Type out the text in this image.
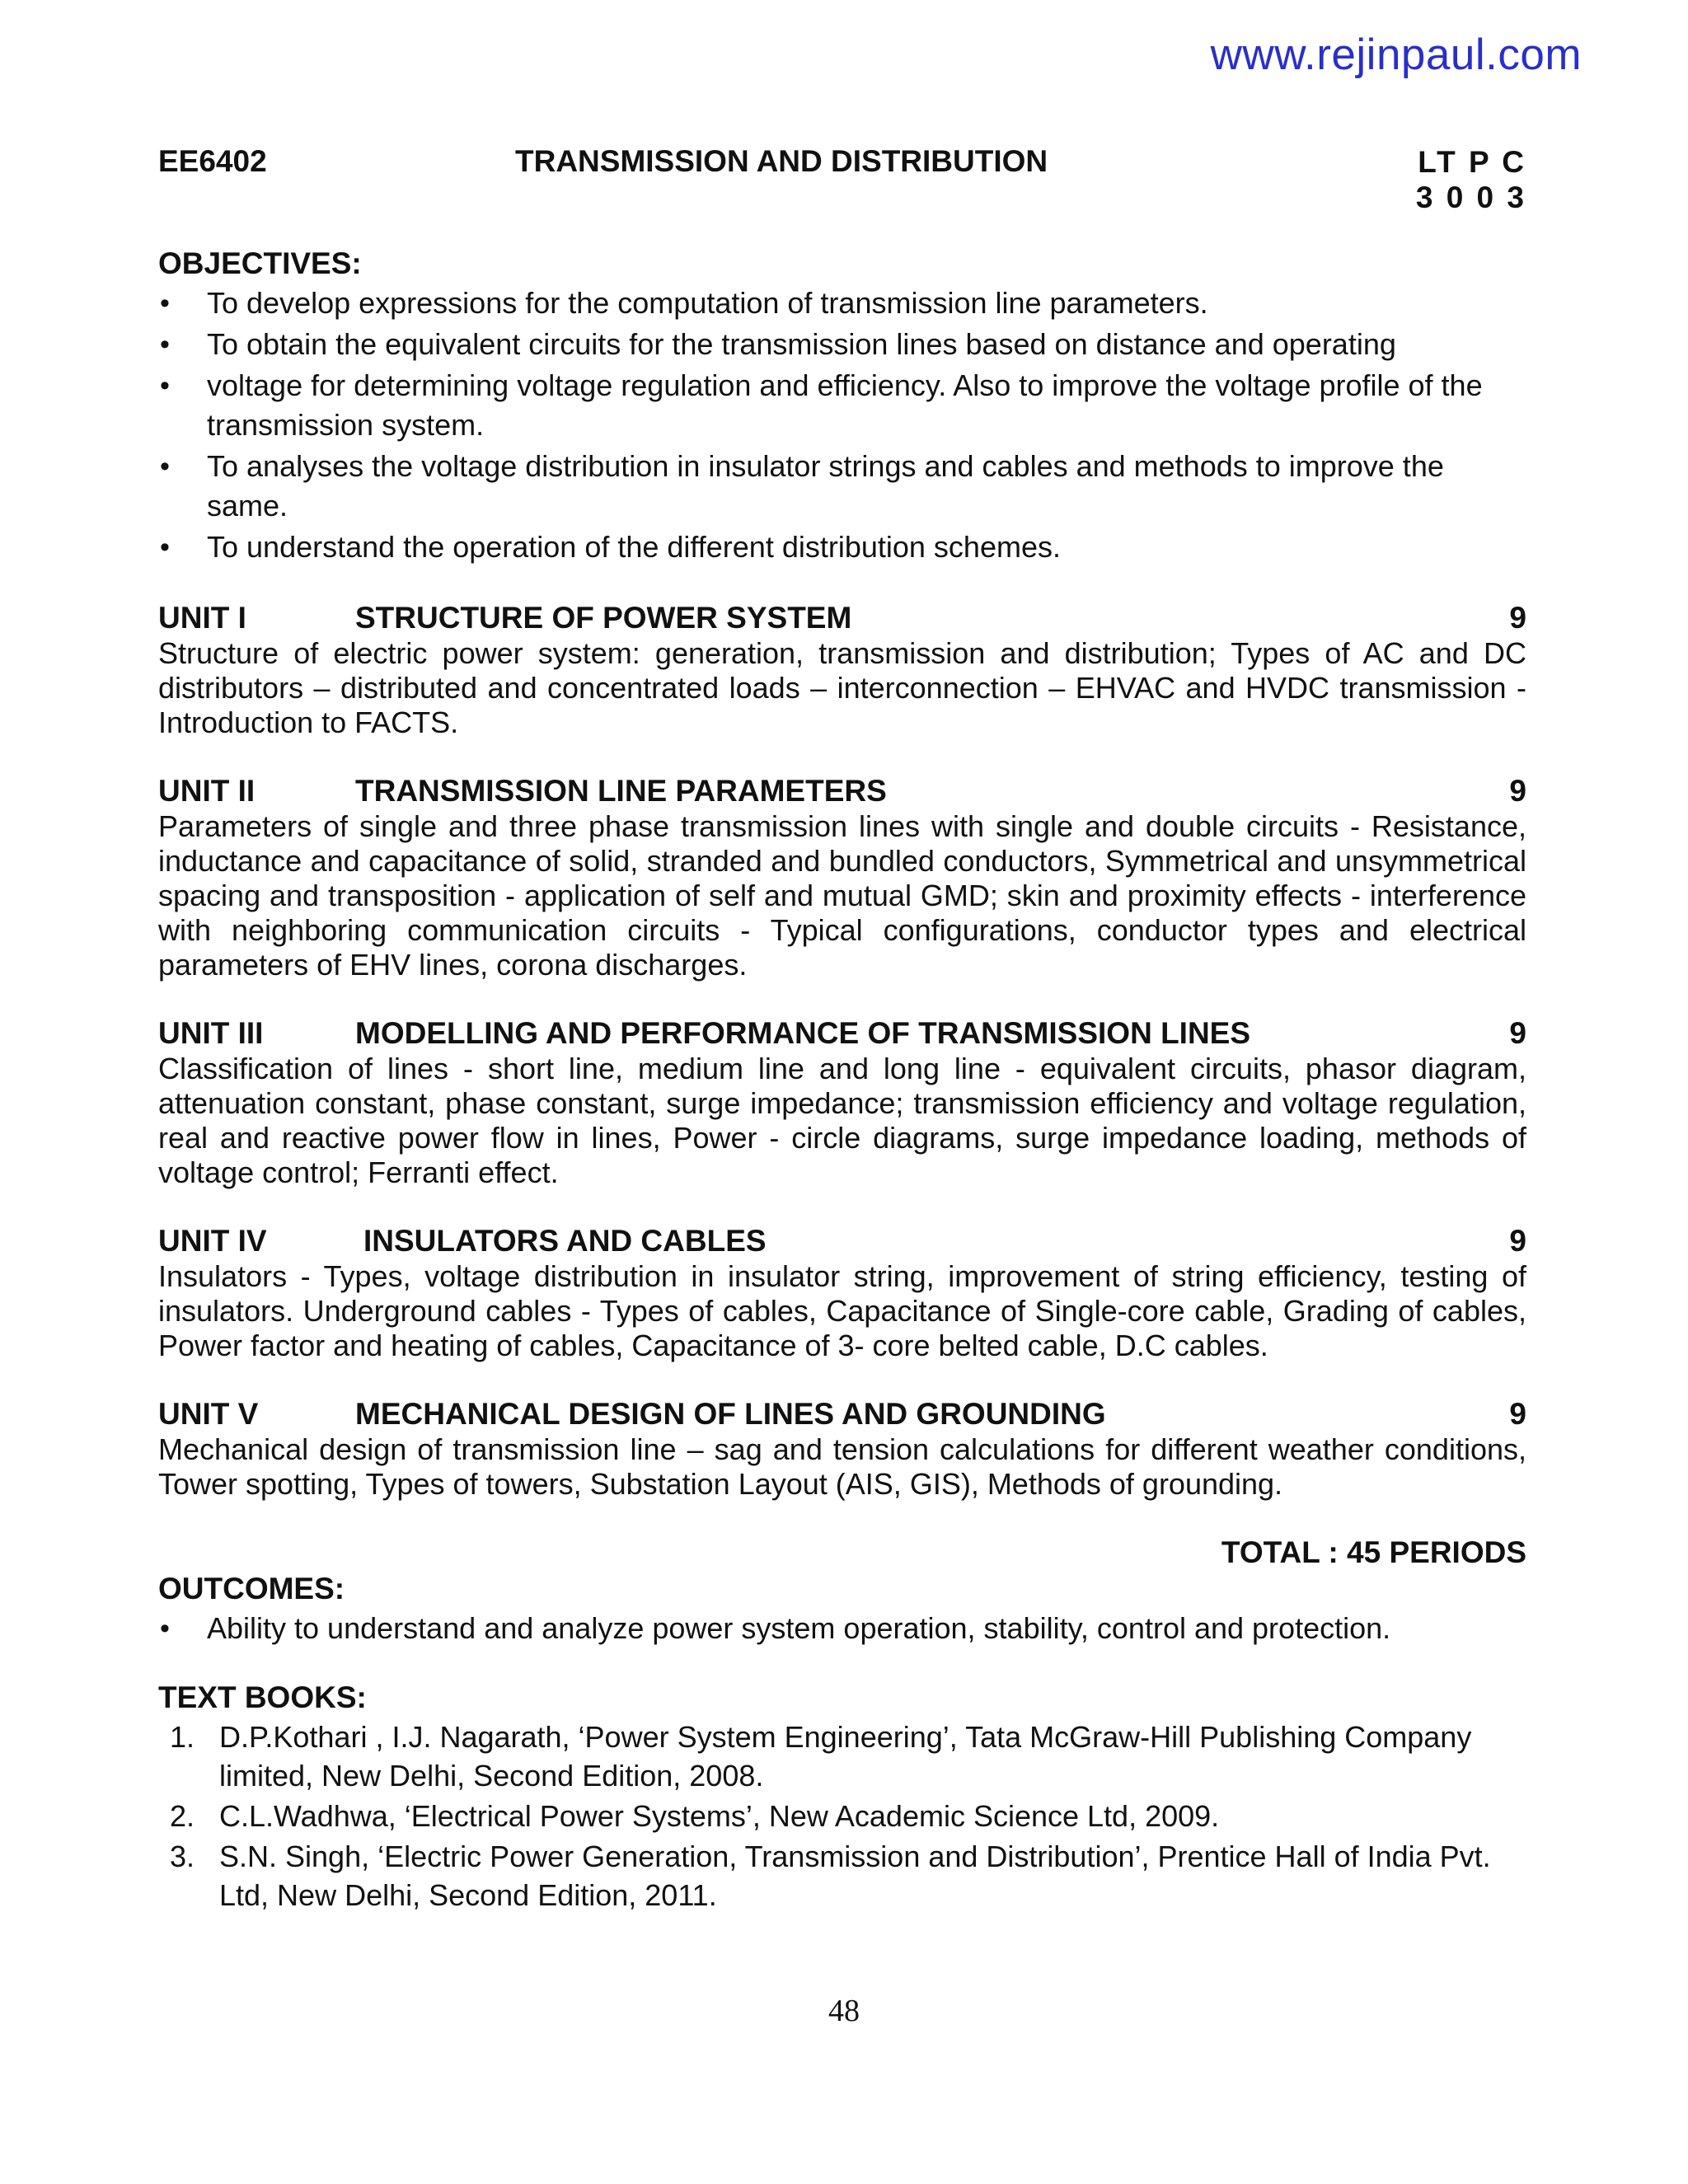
www.rejinpaul.com
EE6402	TRANSMISSION AND DISTRIBUTION	LT P C
3 0 0 3
OBJECTIVES:
• To develop expressions for the computation of transmission line parameters.
• To obtain the equivalent circuits for the transmission lines based on distance and operating
• voltage for determining voltage regulation and efficiency. Also to improve the voltage profile of the transmission system.
• To analyses the voltage distribution in insulator strings and cables and methods to improve the same.
• To understand the operation of the different distribution schemes.
UNIT I	STRUCTURE OF POWER SYSTEM	9
Structure of electric power system: generation, transmission and distribution; Types of AC and DC distributors – distributed and concentrated loads – interconnection – EHVAC and HVDC transmission - Introduction to FACTS.
UNIT II	TRANSMISSION LINE PARAMETERS	9
Parameters of single and three phase transmission lines with single and double circuits - Resistance, inductance and capacitance of solid, stranded and bundled conductors, Symmetrical and unsymmetrical spacing and transposition - application of self and mutual GMD; skin and proximity effects - interference with neighboring communication circuits - Typical configurations, conductor types and electrical parameters of EHV lines, corona discharges.
UNIT III	MODELLING AND PERFORMANCE OF TRANSMISSION LINES	9
Classification of lines - short line, medium line and long line - equivalent circuits, phasor diagram, attenuation constant, phase constant, surge impedance; transmission efficiency and voltage regulation, real and reactive power flow in lines, Power - circle diagrams, surge impedance loading, methods of voltage control; Ferranti effect.
UNIT IV	INSULATORS AND CABLES	9
Insulators - Types, voltage distribution in insulator string, improvement of string efficiency, testing of insulators. Underground cables - Types of cables, Capacitance of Single-core cable, Grading of cables, Power factor and heating of cables, Capacitance of 3- core belted cable, D.C cables.
UNIT V	MECHANICAL DESIGN OF LINES AND GROUNDING	9
Mechanical design of transmission line – sag and tension calculations for different weather conditions, Tower spotting, Types of towers, Substation Layout (AIS, GIS), Methods of grounding.
TOTAL : 45 PERIODS
OUTCOMES:
• Ability to understand and analyze power system operation, stability, control and protection.
TEXT BOOKS:
1. D.P.Kothari , I.J. Nagarath, ‘Power System Engineering’, Tata McGraw-Hill Publishing Company limited, New Delhi, Second Edition, 2008.
2. C.L.Wadhwa, ‘Electrical Power Systems’, New Academic Science Ltd, 2009.
3. S.N. Singh, ‘Electric Power Generation, Transmission and Distribution’, Prentice Hall of India Pvt. Ltd, New Delhi, Second Edition, 2011.
48
